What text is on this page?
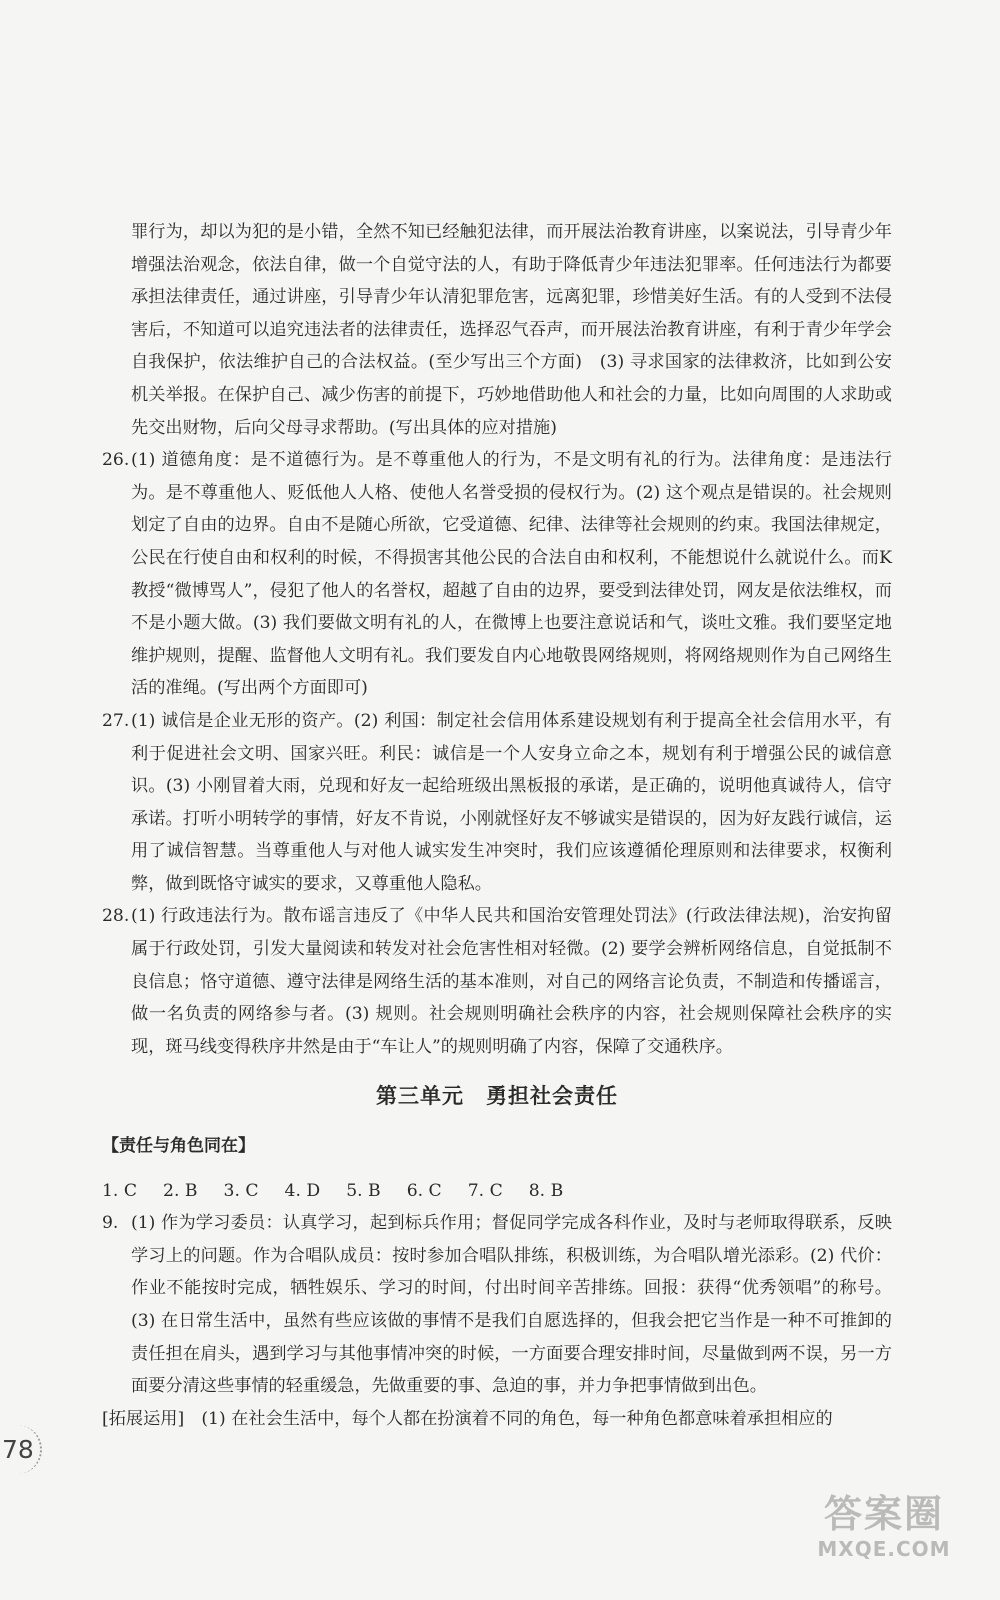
罪行为，却以为犯的是小错，全然不知已经触犯法律，而开展法治教育讲座，以案说法，引导青少年增强法治观念，依法自律，做一个自觉守法的人，有助于降低青少年违法犯罪率。任何违法行为都要承担法律责任，通过讲座，引导青少年认清犯罪危害，远离犯罪，珍惜美好生活。有的人受到不法侵害后，不知道可以追究违法者的法律责任，选择忍气吞声，而开展法治教育讲座，有利于青少年学会自我保护，依法维护自己的合法权益。(至少写出三个方面)　(3) 寻求国家的法律救济，比如到公安机关举报。在保护自己、减少伤害的前提下，巧妙地借助他人和社会的力量，比如向周围的人求助或先交出财物，后向父母寻求帮助。(写出具体的应对措施)

26. (1) 道德角度：是不道德行为。是不尊重他人的行为，不是文明有礼的行为。法律角度：是违法行为。是不尊重他人、贬低他人人格、使他人名誉受损的侵权行为。(2) 这个观点是错误的。社会规则划定了自由的边界。自由不是随心所欲，它受道德、纪律、法律等社会规则的约束。我国法律规定，公民在行使自由和权利的时候，不得损害其他公民的合法自由和权利，不能想说什么就说什么。而K教授“微博骂人”，侵犯了他人的名誉权，超越了自由的边界，要受到法律处罚，网友是依法维权，而不是小题大做。(3) 我们要做文明有礼的人，在微博上也要注意说话和气，谈吐文雅。我们要坚定地维护规则，提醒、监督他人文明有礼。我们要发自内心地敬畏网络规则，将网络规则作为自己网络生活的准绳。(写出两个方面即可)
27. (1) 诚信是企业无形的资产。(2) 利国：制定社会信用体系建设规划有利于提高全社会信用水平，有利于促进社会文明、国家兴旺。利民：诚信是一个人安身立命之本，规划有利于增强公民的诚信意识。(3) 小刚冒着大雨，兑现和好友一起给班级出黑板报的承诺，是正确的，说明他真诚待人，信守承诺。打听小明转学的事情，好友不肯说，小刚就怪好友不够诚实是错误的，因为好友践行诚信，运用了诚信智慧。当尊重他人与对他人诚实发生冲突时，我们应该遵循伦理原则和法律要求，权衡利弊，做到既恪守诚实的要求，又尊重他人隐私。
28. (1) 行政违法行为。散布谣言违反了《中华人民共和国治安管理处罚法》(行政法律法规)，治安拘留属于行政处罚，引发大量阅读和转发对社会危害性相对轻微。(2) 要学会辨析网络信息，自觉抵制不良信息；恪守道德、遵守法律是网络生活的基本准则，对自己的网络言论负责，不制造和传播谣言，做一名负责的网络参与者。(3) 规则。社会规则明确社会秩序的内容，社会规则保障社会秩序的实现，斑马线变得秩序井然是由于“车让人”的规则明确了内容，保障了交通秩序。
第三单元　勇担社会责任
【责任与角色同在】
1. C 2. B 3. C 4. D 5. B 6. C 7. C 8. B
9. (1) 作为学习委员：认真学习，起到标兵作用；督促同学完成各科作业，及时与老师取得联系，反映学习上的问题。作为合唱队成员：按时参加合唱队排练，积极训练，为合唱队增光添彩。(2) 代价：作业不能按时完成，牺牲娱乐、学习的时间，付出时间辛苦排练。回报：获得“优秀领唱”的称号。(3) 在日常生活中，虽然有些应该做的事情不是我们自愿选择的，但我会把它当作是一种不可推卸的责任担在肩头，遇到学习与其他事情冲突的时候，一方面要合理安排时间，尽量做到两不误，另一方面要分清这些事情的轻重缓急，先做重要的事、急迫的事，并力争把事情做到出色。

[拓展运用]　(1) 在社会生活中，每个人都在扮演着不同的角色，每一种角色都意味着承担相应的

78
答案圈
MXQE.COM
